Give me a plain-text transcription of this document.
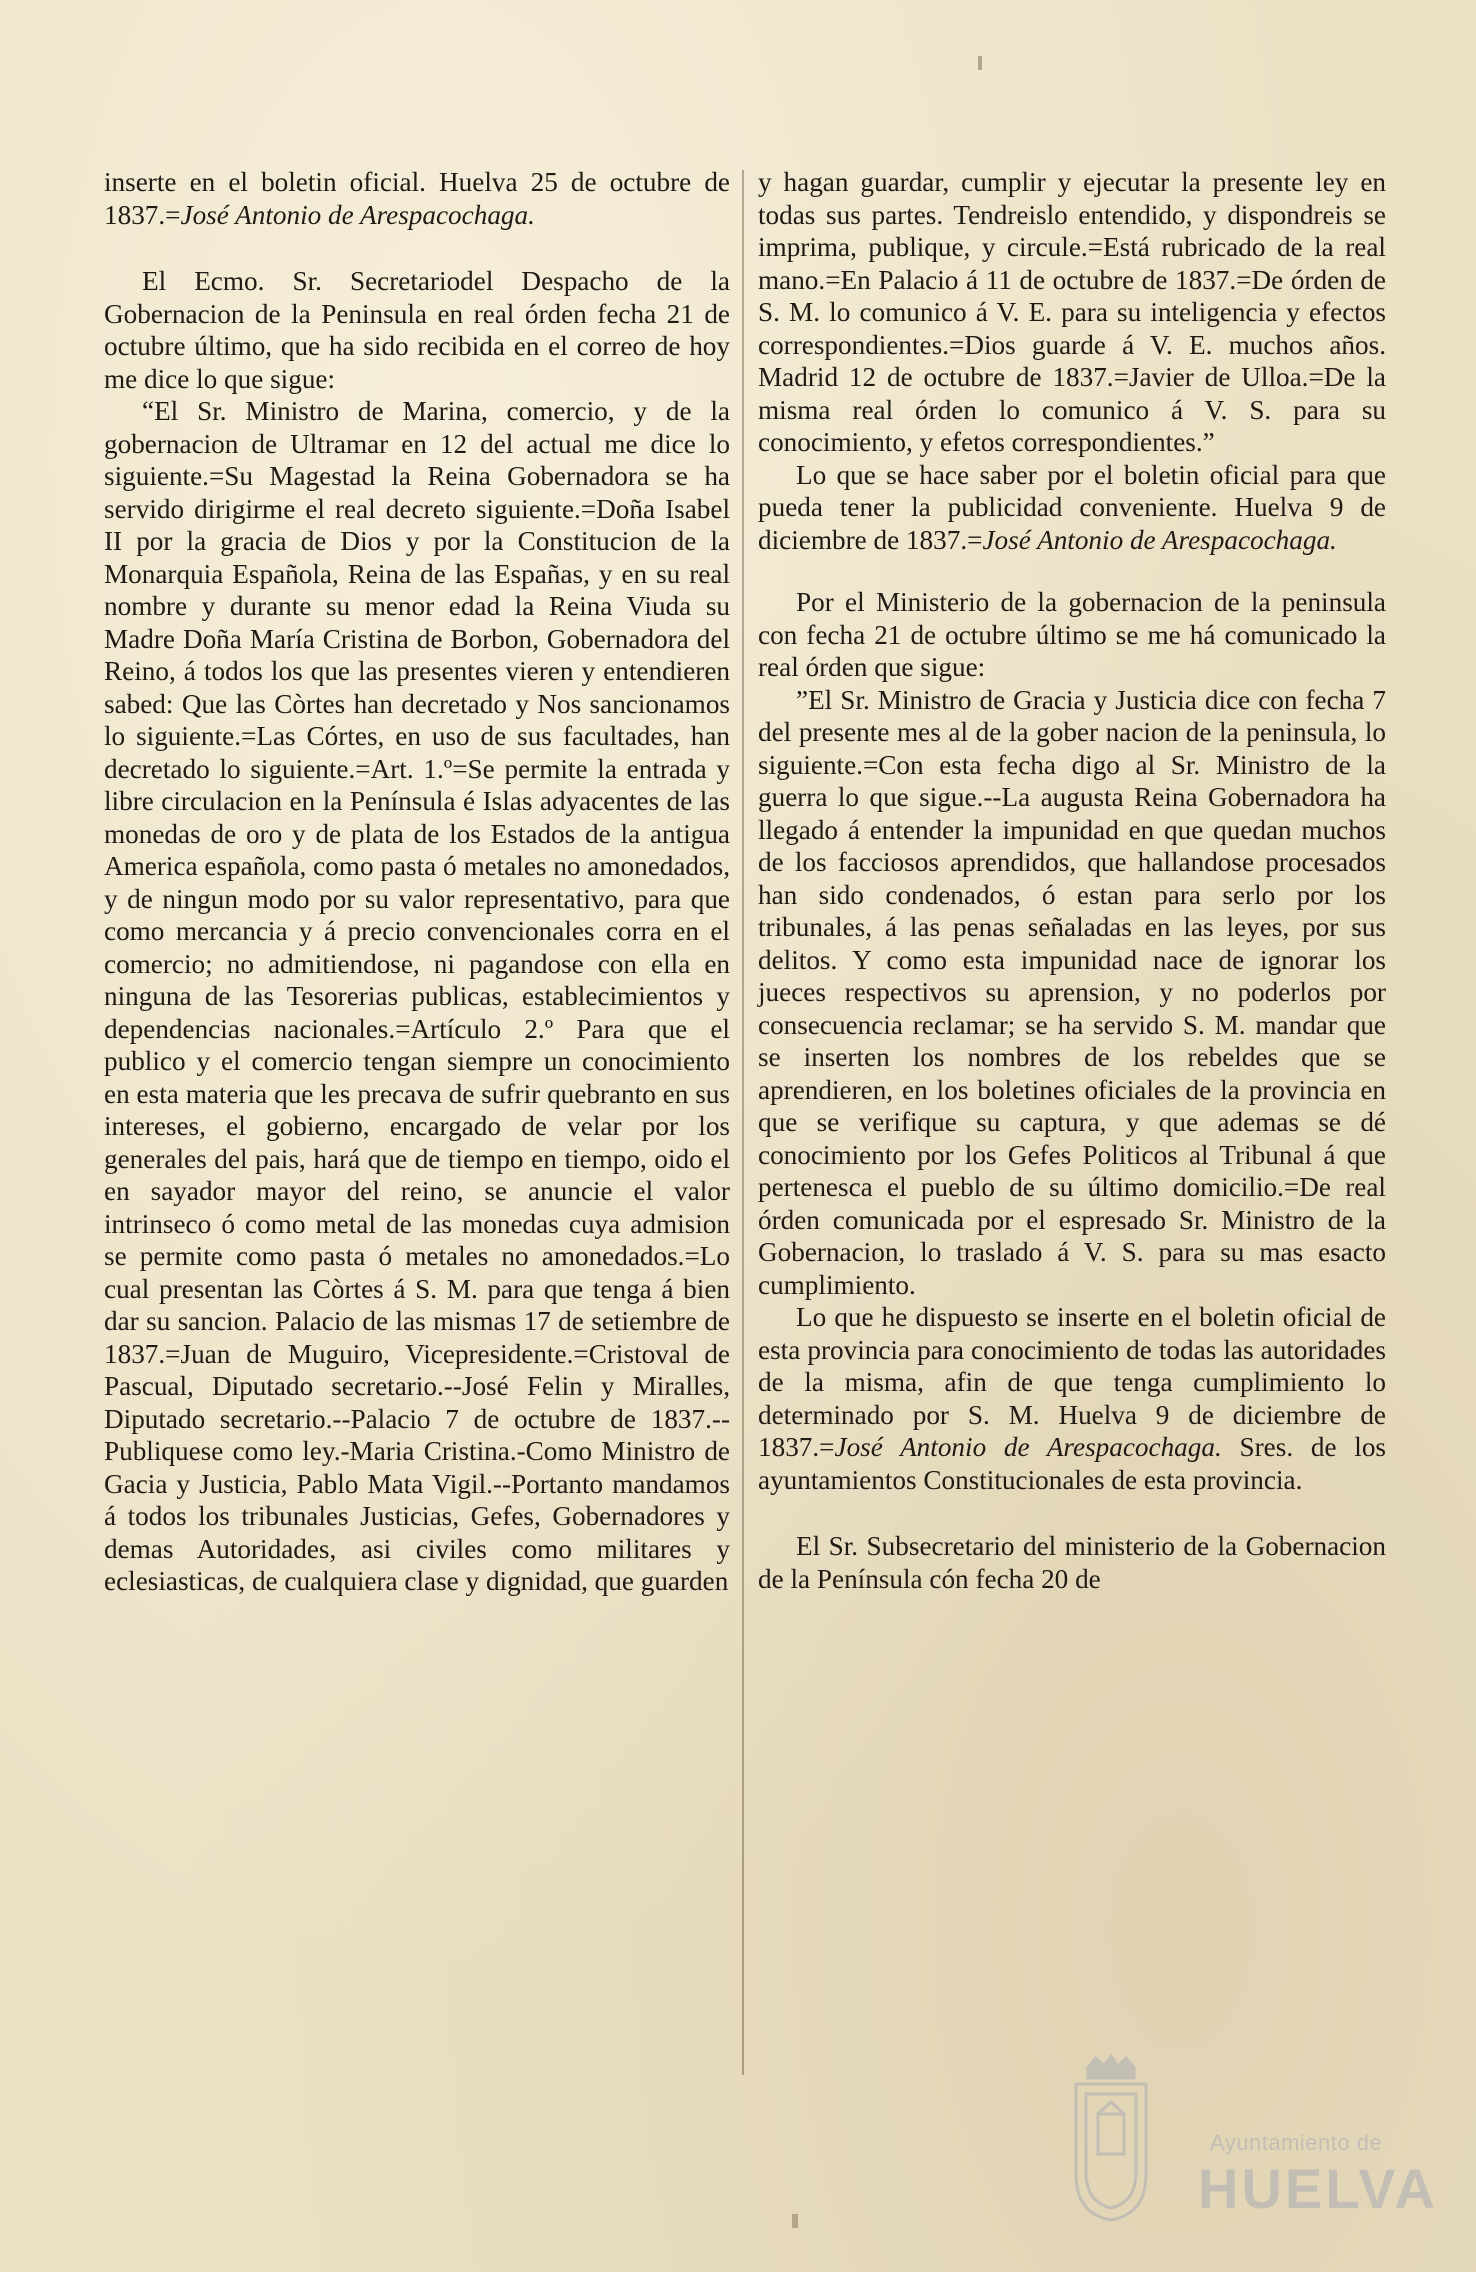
inserte en el boletin oficial. Huelva 25 de octubre de 1837.=José Antonio de Arespacochaga.

El Ecmo. Sr. Secretariodel Despacho de la Gobernacion de la Peninsula en real órden fecha 21 de octubre último, que ha sido recibida en el correo de hoy me dice lo que sigue:

“El Sr. Ministro de Marina, comercio, y de la gobernacion de Ultramar en 12 del actual me dice lo siguiente.=Su Magestad la Reina Gobernadora se ha servido dirigirme el real decreto siguiente.=Doña Isabel II por la gracia de Dios y por la Constitucion de la Monarquia Española, Reina de las Españas, y en su real nombre y durante su menor edad la Reina Viuda su Madre Doña María Cristina de Borbon, Gobernadora del Reino, á todos los que las presentes vieren y entendieren sabed: Que las Còrtes han decretado y Nos sancionamos lo siguiente.=Las Córtes, en uso de sus facultades, han decretado lo siguiente.=Art. 1.º=Se permite la entrada y libre circulacion en la Península é Islas adyacentes de las monedas de oro y de plata de los Estados de la antigua America española, como pasta ó metales no amonedados, y de ningun modo por su valor representativo, para que como mercancia y á precio convencionales corra en el comercio; no admitiendose, ni pagandose con ella en ninguna de las Tesorerias publicas, establecimientos y dependencias nacionales.=Artículo 2.º Para que el publico y el comercio tengan siempre un conocimiento en esta materia que les precava de sufrir quebranto en sus intereses, el gobierno, encargado de velar por los generales del pais, hará que de tiempo en tiempo, oido el en sayador mayor del reino, se anuncie el valor intrinseco ó como metal de las monedas cuya admision se permite como pasta ó metales no amonedados.=Lo cual presentan las Còrtes á S. M. para que tenga á bien dar su sancion. Palacio de las mismas 17 de setiembre de 1837.=Juan de Muguiro, Vicepresidente.=Cristoval de Pascual, Diputado secretario.--José Felin y Miralles, Diputado secretario.--Palacio 7 de octubre de 1837.--Publiquese como ley.-Maria Cristina.-Como Ministro de Gacia y Justicia, Pablo Mata Vigil.--Portanto mandamos á todos los tribunales Justicias, Gefes, Gobernadores y demas Autoridades, asi civiles como militares y eclesiasticas, de cualquiera clase y dignidad, que guarden

y hagan guardar, cumplir y ejecutar la presente ley en todas sus partes. Tendreislo entendido, y dispondreis se imprima, publique, y circule.=Está rubricado de la real mano.=En Palacio á 11 de octubre de 1837.=De órden de S. M. lo comunico á V. E. para su inteligencia y efectos correspondientes.=Dios guarde á V. E. muchos años. Madrid 12 de octubre de 1837.=Javier de Ulloa.=De la misma real órden lo comunico á V. S. para su conocimiento, y efetos correspondientes.”

Lo que se hace saber por el boletin oficial para que pueda tener la publicidad conveniente. Huelva 9 de diciembre de 1837.=José Antonio de Arespacochaga.

Por el Ministerio de la gobernacion de la peninsula con fecha 21 de octubre último se me há comunicado la real órden que sigue:

”El Sr. Ministro de Gracia y Justicia dice con fecha 7 del presente mes al de la gober nacion de la peninsula, lo siguiente.=Con esta fecha digo al Sr. Ministro de la guerra lo que sigue.--La augusta Reina Gobernadora ha llegado á entender la impunidad en que quedan muchos de los facciosos aprendidos, que hallandose procesados han sido condenados, ó estan para serlo por los tribunales, á las penas señaladas en las leyes, por sus delitos. Y como esta impunidad nace de ignorar los jueces respectivos su aprension, y no poderlos por consecuencia reclamar; se ha servido S. M. mandar que se inserten los nombres de los rebeldes que se aprendieren, en los boletines oficiales de la provincia en que se verifique su captura, y que ademas se dé conocimiento por los Gefes Politicos al Tribunal á que pertenesca el pueblo de su último domicilio.=De real órden comunicada por el espresado Sr. Ministro de la Gobernacion, lo traslado á V. S. para su mas esacto cumplimiento.

Lo que he dispuesto se inserte en el boletin oficial de esta provincia para conocimiento de todas las autoridades de la misma, afin de que tenga cumplimiento lo determinado por S. M. Huelva 9 de diciembre de 1837.=José Antonio de Arespacochaga. Sres. de los ayuntamientos Constitucionales de esta provincia.

El Sr. Subsecretario del ministerio de la Gobernacion de la Península cón fecha 20 de

Ayuntamiento de
HUELVA
